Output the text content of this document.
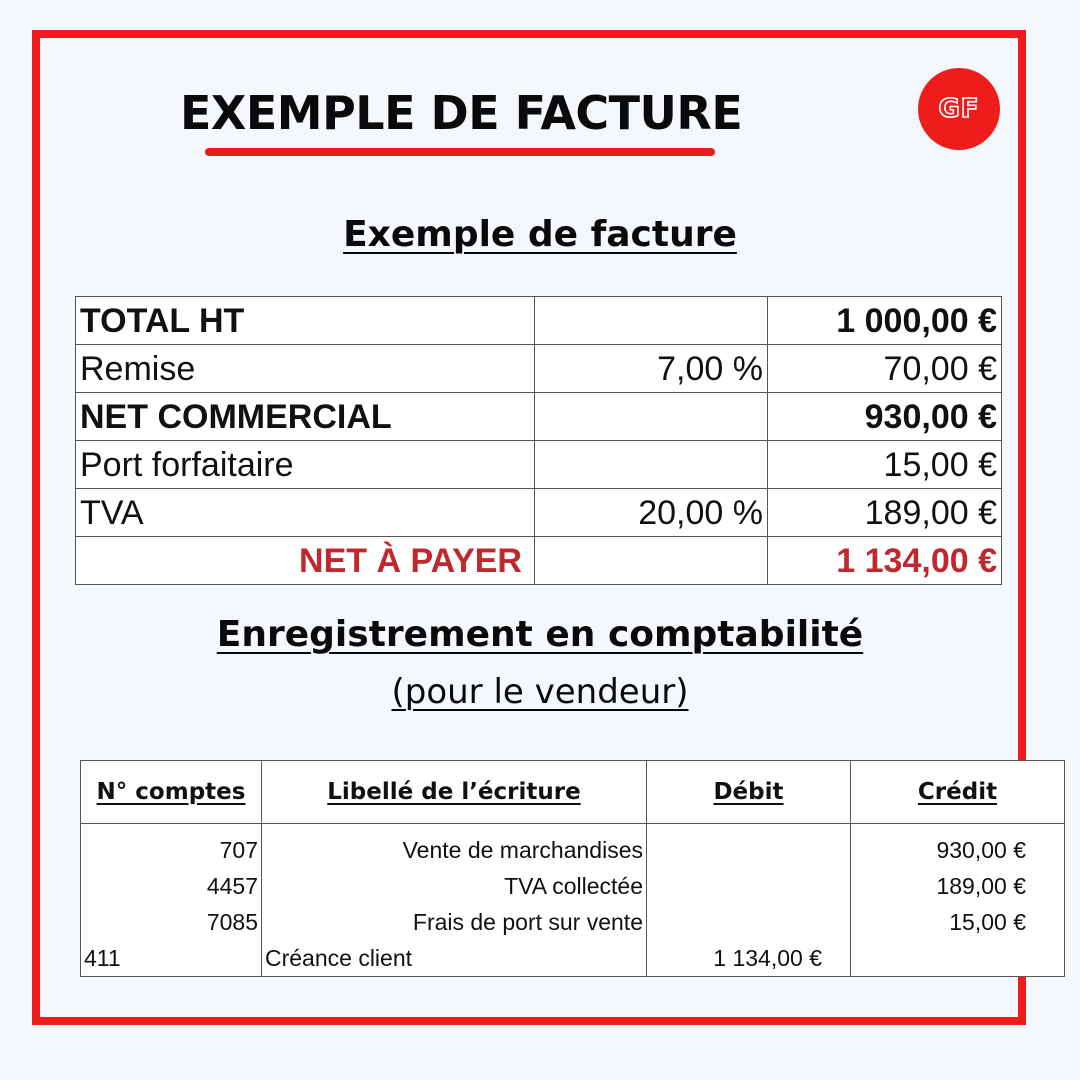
EXEMPLE DE FACTURE	GF
Exemple de facture
TOTAL HT		1 000,00 €
Remise	7,00 %	70,00 €
NET COMMERCIAL		930,00 €
Port forfaitaire		15,00 €
TVA	20,00 %	189,00 €
NET À PAYER		1 134,00 €
Enregistrement en comptabilité
(pour le vendeur)
N° comptes	Libellé de l’écriture	Débit	Crédit
707	Vente de marchandises		930,00 €
4457	TVA collectée		189,00 €
7085	Frais de port sur vente		15,00 €
411	Créance client	1 134,00 €	
